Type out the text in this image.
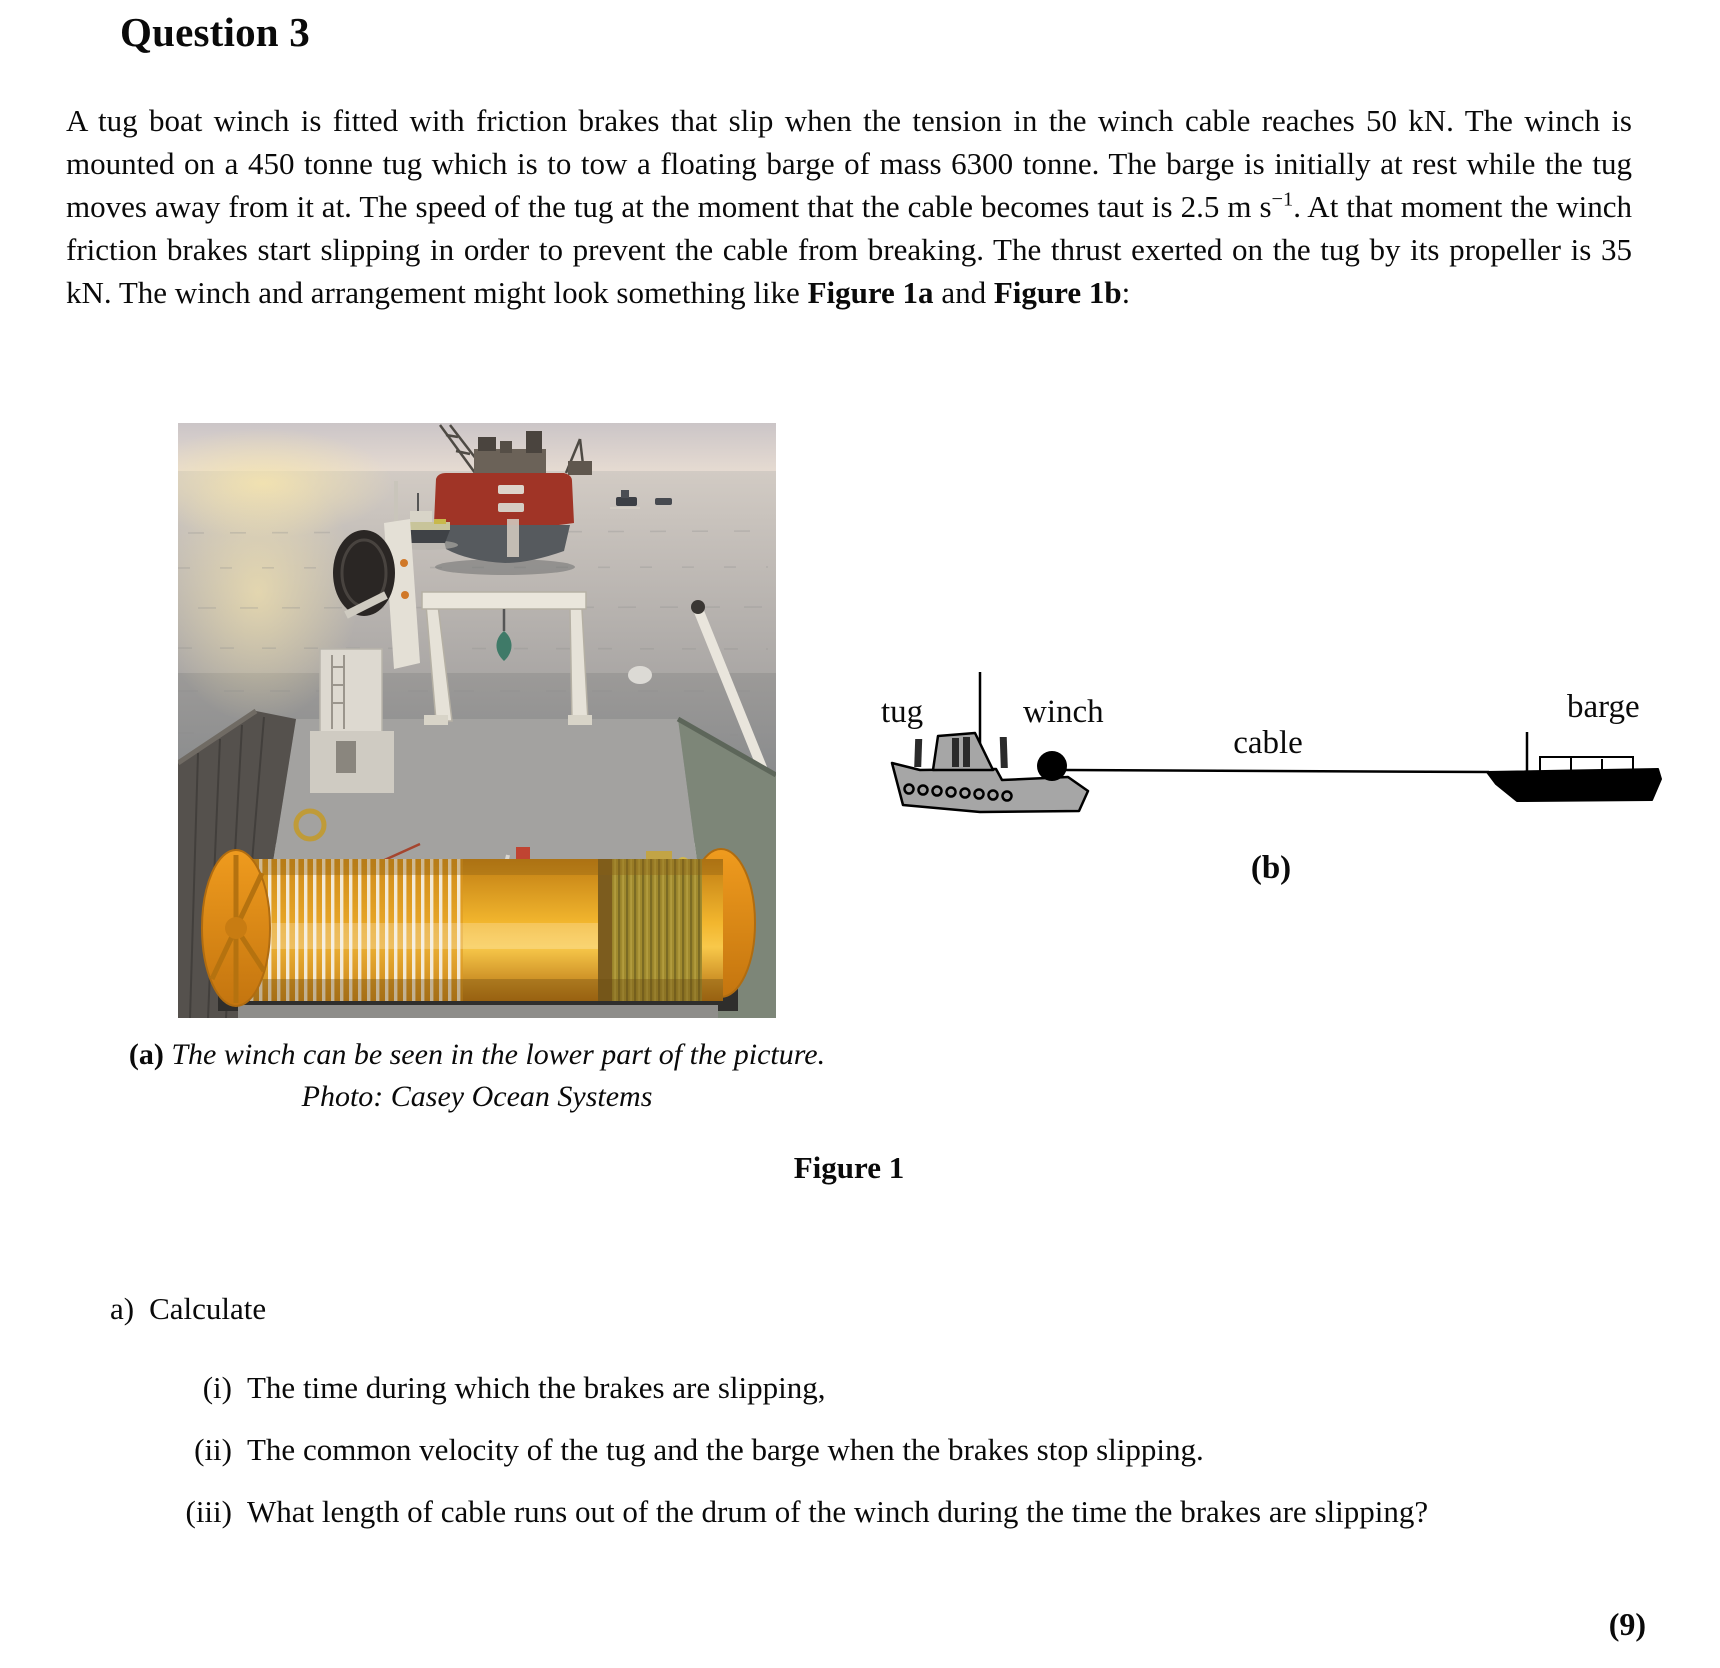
Question 3
A tug boat winch is fitted with friction brakes that slip when the tension in the winch cable reaches 50 kN. The winch is mounted on a 450 tonne tug which is to tow a floating barge of mass 6300 tonne. The barge is initially at rest while the tug moves away from it at. The speed of the tug at the moment that the cable becomes taut is 2.5 m $s^{-1}$. At that moment the winch friction brakes start slipping in order to prevent the cable from breaking. The thrust exerted on the tug by its propeller is 35 kN. The winch and arrangement might look something like Figure 1a and Figure 1b:
tug	winch
cable
barge
(b)
(a) The winch can be seen in the lower part of the picture.
Photo: Casey Ocean Systems
Figure 1
a) Calculate
(i) The time during which the brakes are slipping,
(ii) The common velocity of the tug and the barge when the brakes stop slipping.
(iii) What length of cable runs out of the drum of the winch during the time the brakes are slipping?
(9)
